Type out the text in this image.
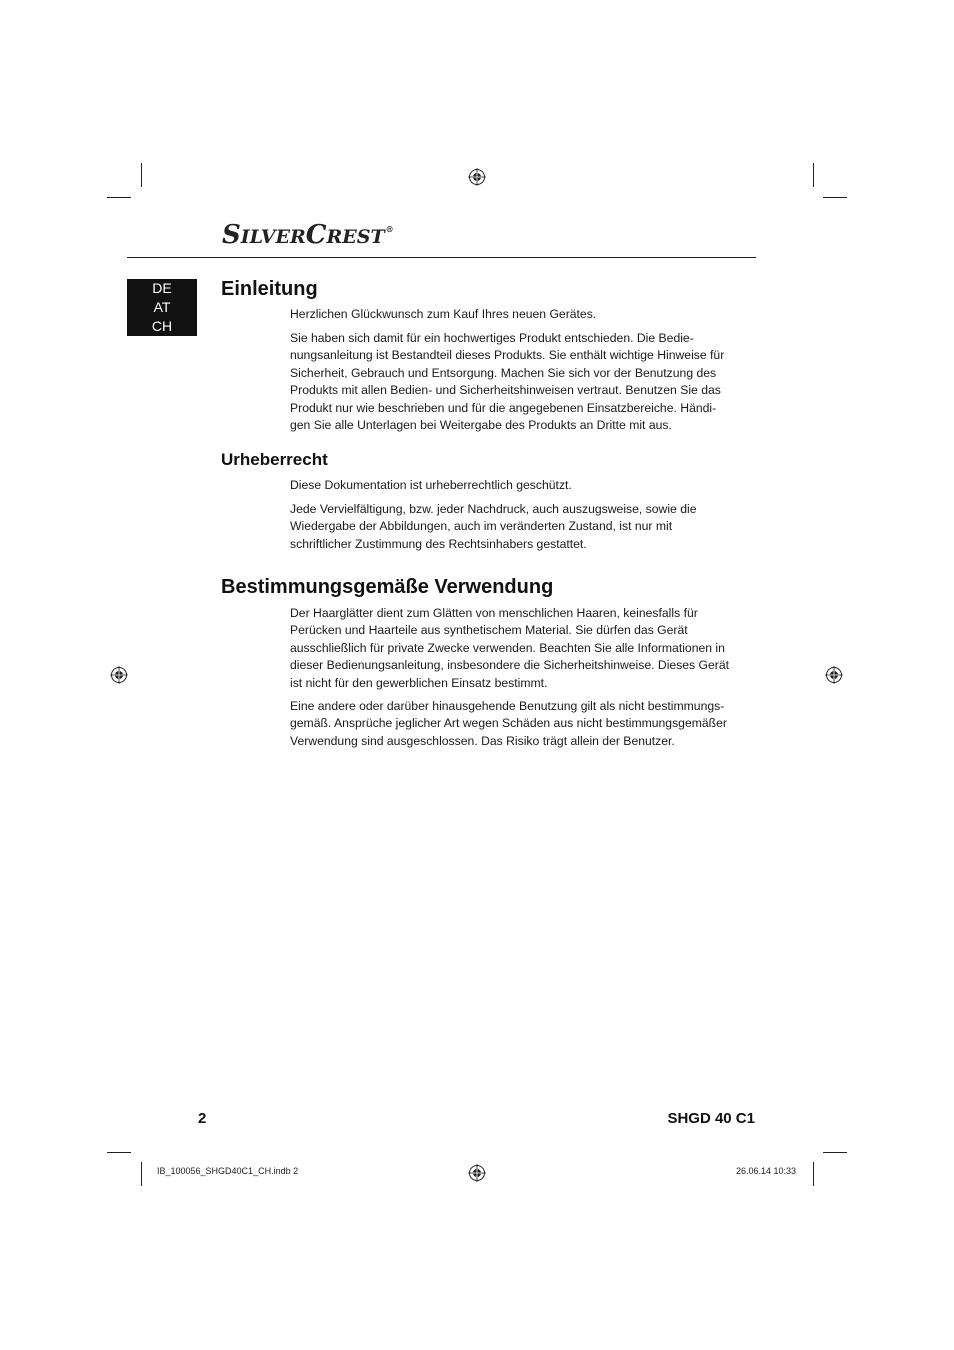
SILVERCREST®
DE
AT
CH
Einleitung
Herzlichen Glückwunsch zum Kauf Ihres neuen Gerätes.
Sie haben sich damit für ein hochwertiges Produkt entschieden. Die Bedie-
nungsanleitung ist Bestandteil dieses Produkts. Sie enthält wichtige Hinweise für
Sicherheit, Gebrauch und Entsorgung. Machen Sie sich vor der Benutzung des
Produkts mit allen Bedien- und Sicherheitshinweisen vertraut. Benutzen Sie das
Produkt nur wie beschrieben und für die angegebenen Einsatzbereiche. Händi-
gen Sie alle Unterlagen bei Weitergabe des Produkts an Dritte mit aus.
Urheberrecht
Diese Dokumentation ist urheberrechtlich geschützt.
Jede Vervielfältigung, bzw. jeder Nachdruck, auch auszugsweise, sowie die
Wiedergabe der Abbildungen, auch im veränderten Zustand, ist nur mit
schriftlicher Zustimmung des Rechtsinhabers gestattet.
Bestimmungsgemäße Verwendung
Der Haarglätter dient zum Glätten von menschlichen Haaren, keinesfalls für
Perücken und Haarteile aus synthetischem Material. Sie dürfen das Gerät
ausschließlich für private Zwecke verwenden. Beachten Sie alle Informationen in
dieser Bedienungsanleitung, insbesondere die Sicherheitshinweise. Dieses Gerät
ist nicht für den gewerblichen Einsatz bestimmt.
Eine andere oder darüber hinausgehende Benutzung gilt als nicht bestimmungs-
gemäß. Ansprüche jeglicher Art wegen Schäden aus nicht bestimmungsgemäßer
Verwendung sind ausgeschlossen. Das Risiko trägt allein der Benutzer.
2	SHGD 40 C1
IB_100056_SHGD40C1_CH.indb 2	26.06.14 10:33
